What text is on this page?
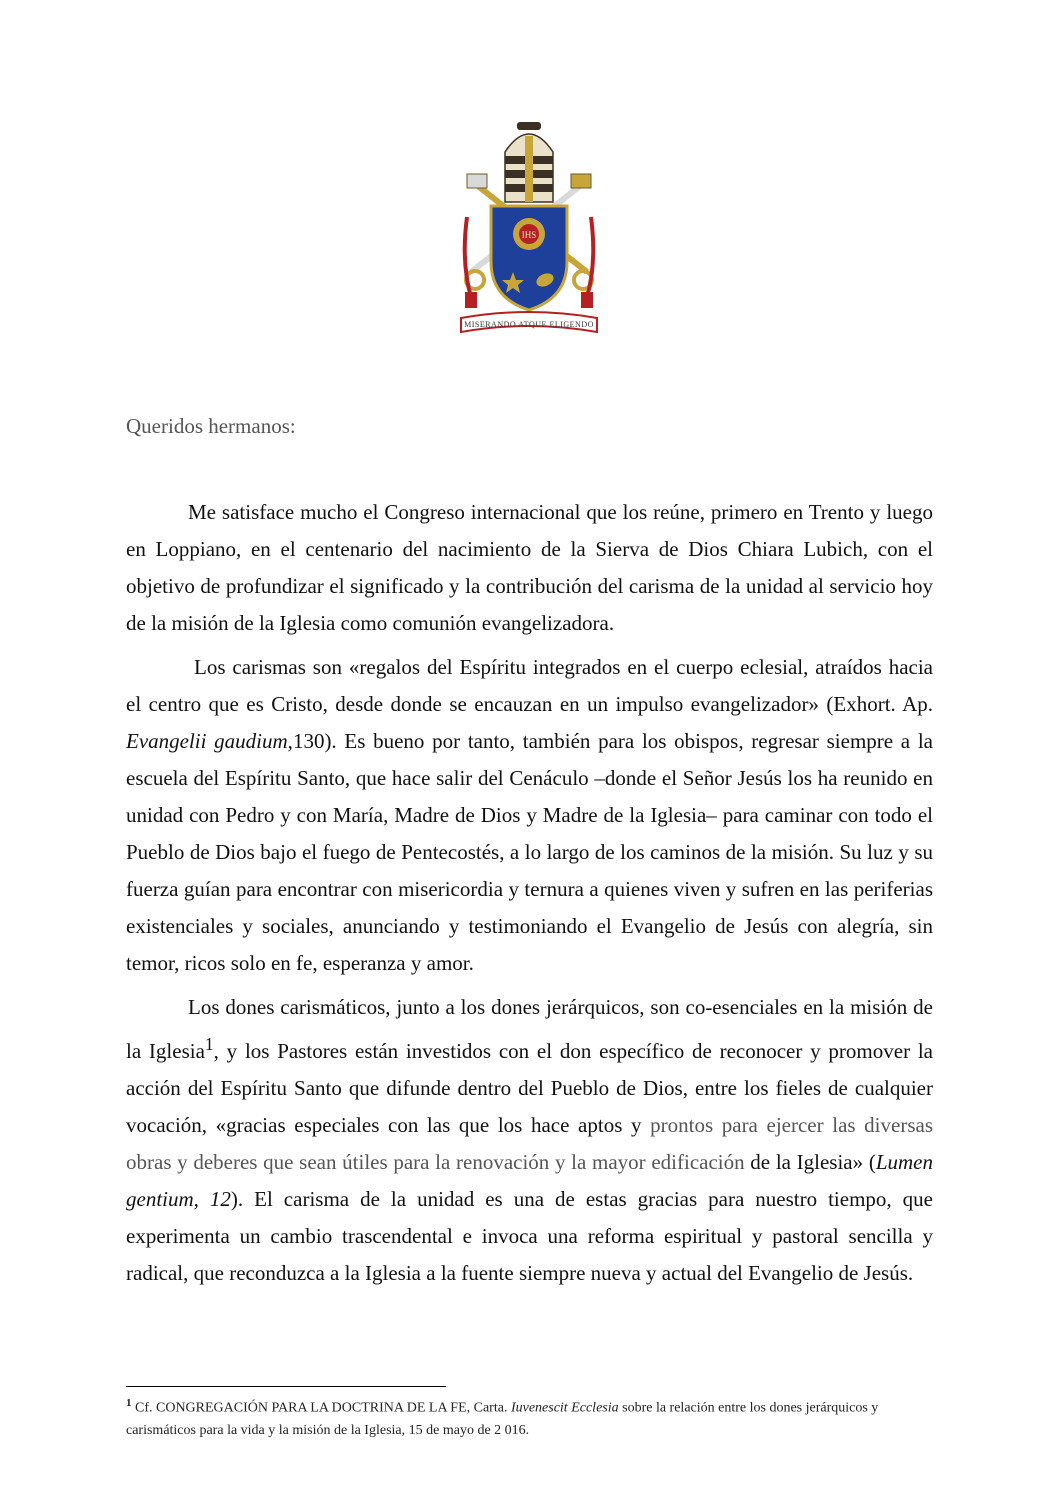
IHS
MISERANDO ATQUE ELIGENDO
Queridos hermanos:

Me satisface mucho el Congreso internacional que los reúne, primero en Trento y luego en Loppiano, en el centenario del nacimiento de la Sierva de Dios Chiara Lubich, con el objetivo de profundizar el significado y la contribución del carisma de la unidad al servicio hoy de la misión de la Iglesia como comunión evangelizadora.

Los carismas son «regalos del Espíritu integrados en el cuerpo eclesial, atraídos hacia el centro que es Cristo, desde donde se encauzan en un impulso evangelizador» (Exhort. Ap. Evangelii gaudium,130). Es bueno por tanto, también para los obispos, regresar siempre a la escuela del Espíritu Santo, que hace salir del Cenáculo –donde el Señor Jesús los ha reunido en unidad con Pedro y con María, Madre de Dios y Madre de la Iglesia– para caminar con todo el Pueblo de Dios bajo el fuego de Pentecostés, a lo largo de los caminos de la misión. Su luz y su fuerza guían para encontrar con misericordia y ternura a quienes viven y sufren en las periferias existenciales y sociales, anunciando y testimoniando el Evangelio de Jesús con alegría, sin temor, ricos solo en fe, esperanza y amor.

Los dones carismáticos, junto a los dones jerárquicos, son co-esenciales en la misión de la Iglesia$^1$, y los Pastores están investidos con el don específico de reconocer y promover la acción del Espíritu Santo que difunde dentro del Pueblo de Dios, entre los fieles de cualquier vocación, «gracias especiales con las que los hace aptos y prontos para ejercer las diversas obras y deberes que sean útiles para la renovación y la mayor edificación de la Iglesia» (Lumen gentium, 12). El carisma de la unidad es una de estas gracias para nuestro tiempo, que experimenta un cambio trascendental e invoca una reforma espiritual y pastoral sencilla y radical, que reconduzca a la Iglesia a la fuente siempre nueva y actual del Evangelio de Jesús.

$^1$ Cf. CONGREGACIÓN PARA LA DOCTRINA DE LA FE, Carta. Iuvenescit Ecclesia sobre la relación entre los dones jerárquicos y carismáticos para la vida y la misión de la Iglesia, 15 de mayo de 2 016.
